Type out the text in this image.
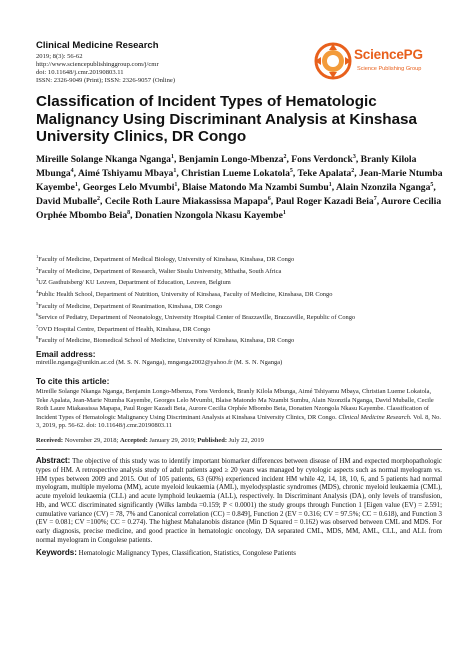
Clinical Medicine Research
2019; 8(3): 56-62
http://www.sciencepublishinggroup.com/j/cmr
doi: 10.11648/j.cmr.20190803.11
ISSN: 2326-9049 (Print); ISSN: 2326-9057 (Online)
SciencePG
Science Publishing Group
Classification of Incident Types of Hematologic Malignancy Using Discriminant Analysis at Kinshasa University Clinics, DR Congo
Mireille Solange Nkanga Nganga$^1$, Benjamin Longo-Mbenza$^2$, Fons Verdonck$^3$, Branly Kilola Mbunga$^4$, Aimé Tshiyamu Mbaya$^1$, Christian Lueme Lokatola$^5$, Teke Apalata$^2$, Jean-Marie Ntumba Kayembe$^1$, Georges Lelo Mvumbi$^1$, Blaise Matondo Ma Nzambi Sumbu$^1$, Alain Nzonzila Nganga$^5$, David Muballe$^2$, Cecile Roth Laure Miakassissa Mapapa$^6$, Paul Roger Kazadi Beia$^7$, Aurore Cecilia Orphée Mbombo Beia$^8$, Donatien Nzongola Nkasu Kayembe$^1$
$^1$Faculty of Medicine, Department of Medical Biology, University of Kinshasa, Kinshasa, DR Congo
$^2$Faculty of Medicine, Department of Research, Walter Sisulu University, Mthatha, South Africa
$^3$UZ Gasthuisberg/ KU Leuven, Department of Education, Leuven, Belgium
$^4$Public Health School, Department of Nutrition, University of Kinshasa, Faculty of Medicine, Kinshasa, DR Congo
$^5$Faculty of Medicine, Department of Reanimation, Kinshasa, DR Congo
$^6$Service of Pediatry, Department of Neonatology, University Hospital Center of Brazzaville, Brazzaville, Republic of Congo
$^7$OVD Hospital Centre, Department of Health, Kinshasa, DR Congo
$^8$Faculty of Medicine, Biomedical School of Medicine, University of Kinshasa, Kinshasa, DR Congo
Email address:
mireille.nganga@unikin.ac.cd (M. S. N. Nganga), mnganga2002@yahoo.fr (M. S. N. Nganga)
To cite this article:
Mireille Solange Nkanga Nganga, Benjamin Longo-Mbenza, Fons Verdonck, Branly Kilola Mbunga, Aimé Tshiyamu Mbaya, Christian Lueme Lokatola, Teke Apalata, Jean-Marie Ntumba Kayembe, Georges Lelo Mvumbi, Blaise Matondo Ma Nzambi Sumbu, Alain Nzonzila Nganga, David Muballe, Cecile Roth Laure Miakassissa Mapapa, Paul Roger Kazadi Beia, Aurore Cecilia Orphée Mbombo Beia, Donatien Nzongola Nkasu Kayembe. Classification of Incident Types of Hematologic Malignancy Using Discriminant Analysis at Kinshasa University Clinics, DR Congo. Clinical Medicine Research. Vol. 8, No. 3, 2019, pp. 56-62. doi: 10.11648/j.cmr.20190803.11
Received: November 29, 2018; Accepted: January 29, 2019; Published: July 22, 2019
Abstract: The objective of this study was to identify important biomarker differences between disease of HM and expected morphopathologic types of HM. A retrospective analysis study of adult patients aged ≥ 20 years was managed by cytologic aspects such as normal myelogram vs. HM types between 2009 and 2015. Out of 105 patients, 63 (60%) experienced incident HM while 42, 14, 18, 10, 6, and 5 patients had normal myelogram, multiple myeloma (MM), acute myeloid leukaemia (AML), myelodysplastic syndromes (MDS), chronic myeloid leukaemia (CML), acute myeloid leukaemia (CLL) and acute lymphoid leukaemia (ALL), respectively. In Discriminant Analysis (DA), only levels of transfusion, Hb, and WCC discriminated significantly (Wilks lambda =0.159; P < 0.0001) the study groups through Function 1 [Eigen value (EV) = 2.591; cumulative variance (CV) = 78, 7% and Canonical correlation (CC) = 0.849], Function 2 (EV = 0.316; CV = 97.5%; CC = 0.618), and Function 3 (EV = 0.081; CV =100%; CC = 0.274). The highest Mahalanobis distance (Min D Squared = 0.162) was observed between CML and MDS. For early diagnosis, precise medicine, and good practice in hematologic oncology, DA separated CML, MDS, MM, AML, CLL, and ALL from normal myelogram in Congolese patients.
Keywords: Hematologic Malignancy Types, Classification, Statistics, Congolese Patients
